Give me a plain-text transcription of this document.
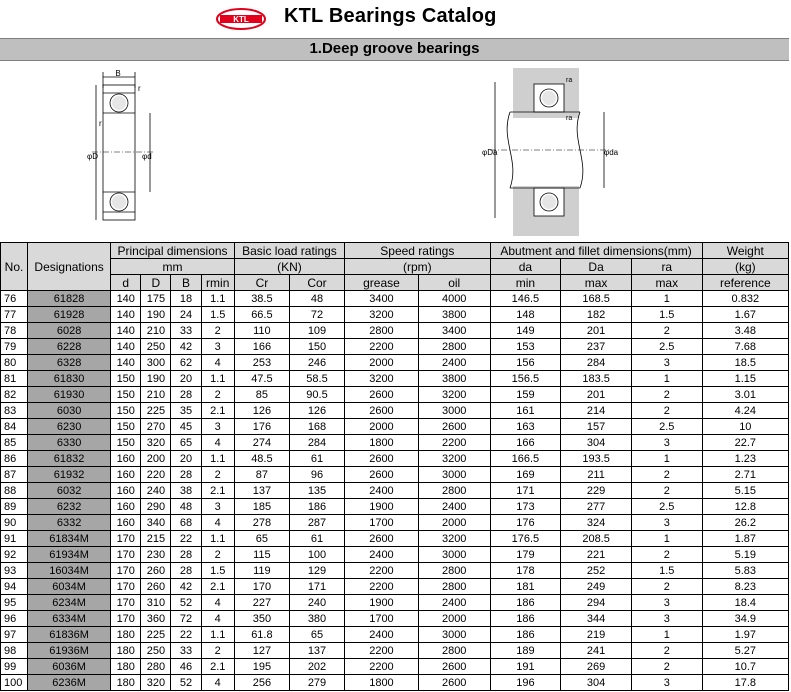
KTL KTL Bearings Catalog
1.Deep groove bearings
B
r
r
φD	φd
ra
ra
φDa	φda
No.	Designations	Principal dimensions				Basic load ratings		Speed ratings		Abutment and fillet dimensions(mm)			Weight
		mm				(KN)		(rpm)		da	Da	ra	(kg)
		d	D	B	rmin	Cr	Cor	grease	oil	min	max	max	reference
76	61828	140	175	18	1.1	38.5	48	3400	4000	146.5	168.5	1	0.832
77	61928	140	190	24	1.5	66.5	72	3200	3800	148	182	1.5	1.67
78	6028	140	210	33	2	110	109	2800	3400	149	201	2	3.48
79	6228	140	250	42	3	166	150	2200	2800	153	237	2.5	7.68
80	6328	140	300	62	4	253	246	2000	2400	156	284	3	18.5
81	61830	150	190	20	1.1	47.5	58.5	3200	3800	156.5	183.5	1	1.15
82	61930	150	210	28	2	85	90.5	2600	3200	159	201	2	3.01
83	6030	150	225	35	2.1	126	126	2600	3000	161	214	2	4.24
84	6230	150	270	45	3	176	168	2000	2600	163	157	2.5	10
85	6330	150	320	65	4	274	284	1800	2200	166	304	3	22.7
86	61832	160	200	20	1.1	48.5	61	2600	3200	166.5	193.5	1	1.23
87	61932	160	220	28	2	87	96	2600	3000	169	211	2	2.71
88	6032	160	240	38	2.1	137	135	2400	2800	171	229	2	5.15
89	6232	160	290	48	3	185	186	1900	2400	173	277	2.5	12.8
90	6332	160	340	68	4	278	287	1700	2000	176	324	3	26.2
91	61834M	170	215	22	1.1	65	61	2600	3200	176.5	208.5	1	1.87
92	61934M	170	230	28	2	115	100	2400	3000	179	221	2	5.19
93	16034M	170	260	28	1.5	119	129	2200	2800	178	252	1.5	5.83
94	6034M	170	260	42	2.1	170	171	2200	2800	181	249	2	8.23
95	6234M	170	310	52	4	227	240	1900	2400	186	294	3	18.4
96	6334M	170	360	72	4	350	380	1700	2000	186	344	3	34.9
97	61836M	180	225	22	1.1	61.8	65	2400	3000	186	219	1	1.97
98	61936M	180	250	33	2	127	137	2200	2800	189	241	2	5.27
99	6036M	180	280	46	2.1	195	202	2200	2600	191	269	2	10.7
100	6236M	180	320	52	4	256	279	1800	2600	196	304	3	17.8
